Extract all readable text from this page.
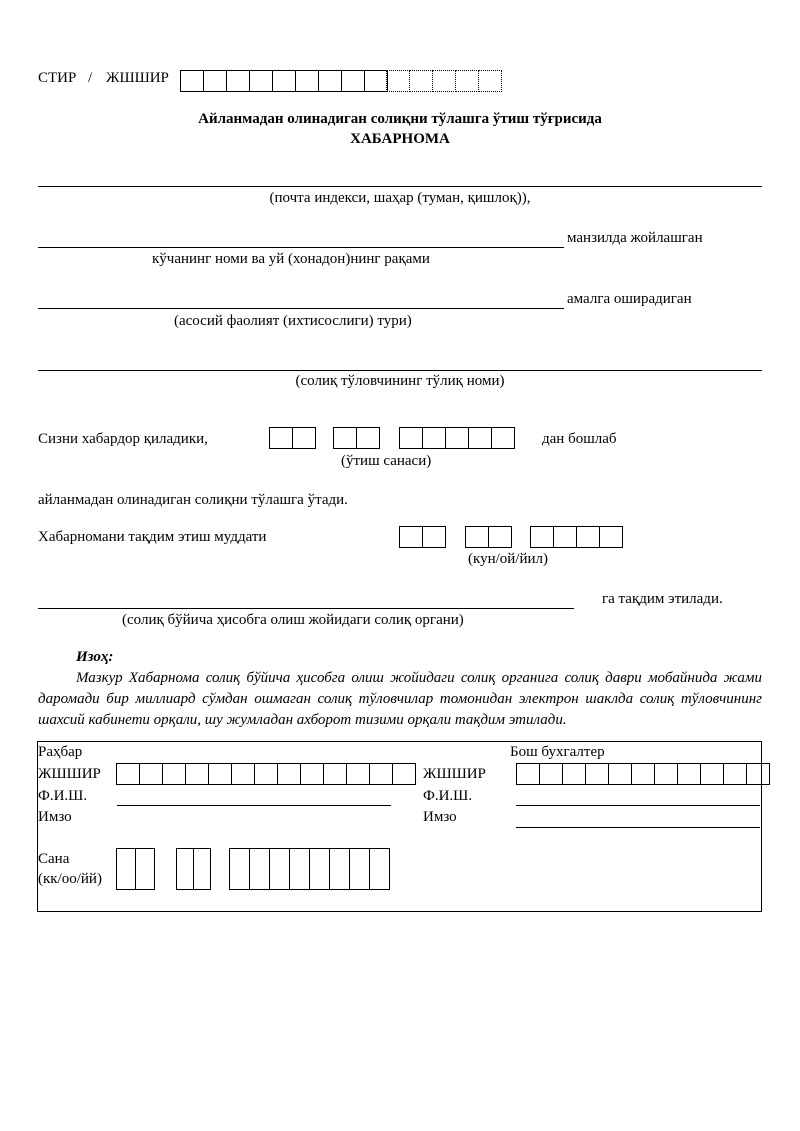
СТИР / ЖШШИР
Айланмадан олинадиган солиқни тўлашга ўтиш тўғрисида
ХАБАРНОМА
(почта индекси, шаҳар (туман, қишлоқ)),
манзилда жойлашган
кўчанинг номи ва уй (хонадон)нинг рақами
амалга оширадиган
(асосий фаолият (ихтисослиги) тури)
(солиқ тўловчининг тўлиқ номи)
Сизни хабардор қиладики,	дан бошлаб
(ўтиш санаси)
айланмадан олинадиган солиқни тўлашга ўтади.
Хабарномани тақдим этиш муддати
(кун/ой/йил)
га тақдим этилади.
(солиқ бўйича ҳисобга олиш жойидаги солиқ органи)
Изоҳ:
Мазкур Хабарнома солиқ бўйича ҳисобга олиш жойидаги солиқ органига солиқ даври мобайнида жами даромади бир миллиард сўмдан ошмаган солиқ тўловчилар томонидан электрон шаклда солиқ тўловчининг шахсий кабинети орқали, шу жумладан ахборот тизими орқали тақдим этилади.
Раҳбар
ЖШШИР
Ф.И.Ш.
Имзо
Бош бухгалтер
ЖШШИР
Ф.И.Ш.
Имзо
Сана
(кк/оо/йй)
